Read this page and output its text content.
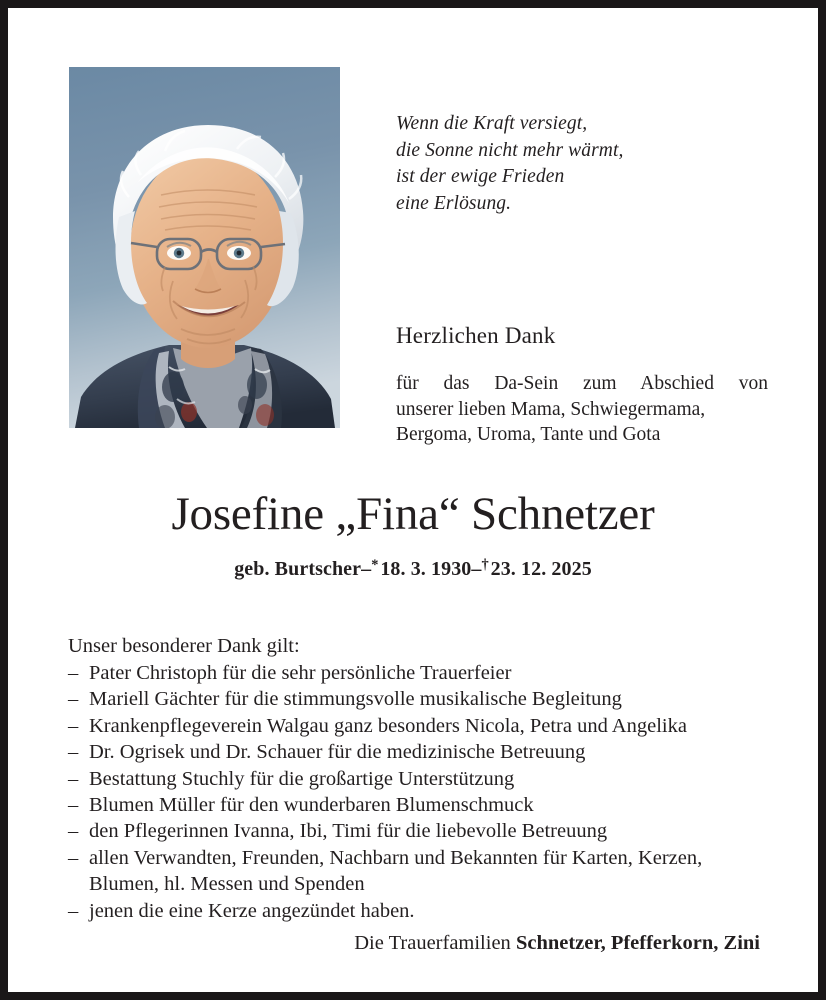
Wenn die Kraft versiegt,
die Sonne nicht mehr wärmt,
ist der ewige Frieden
eine Erlösung.
Herzlichen Dank
für das Da-Sein zum Abschied von
unserer lieben Mama, Schwiegermama,
Bergoma, Uroma, Tante und Gota
Josefine „Fina“ Schnetzer
geb. Burtscher–* 18. 3. 1930–† 23. 12. 2025
Unser besonderer Dank gilt:
– Pater Christoph für die sehr persönliche Trauerfeier
– Mariell Gächter für die stimmungsvolle musikalische Begleitung
– Krankenpflegeverein Walgau ganz besonders Nicola, Petra und Angelika
– Dr. Ogrisek und Dr. Schauer für die medizinische Betreuung
– Bestattung Stuchly für die großartige Unterstützung
– Blumen Müller für den wunderbaren Blumenschmuck
– den Pflegerinnen Ivanna, Ibi, Timi für die liebevolle Betreuung
– allen Verwandten, Freunden, Nachbarn und Bekannten für Karten, Kerzen, Blumen, hl. Messen und Spenden
– jenen die eine Kerze angezündet haben.
Die Trauerfamilien Schnetzer, Pfefferkorn, Zini
